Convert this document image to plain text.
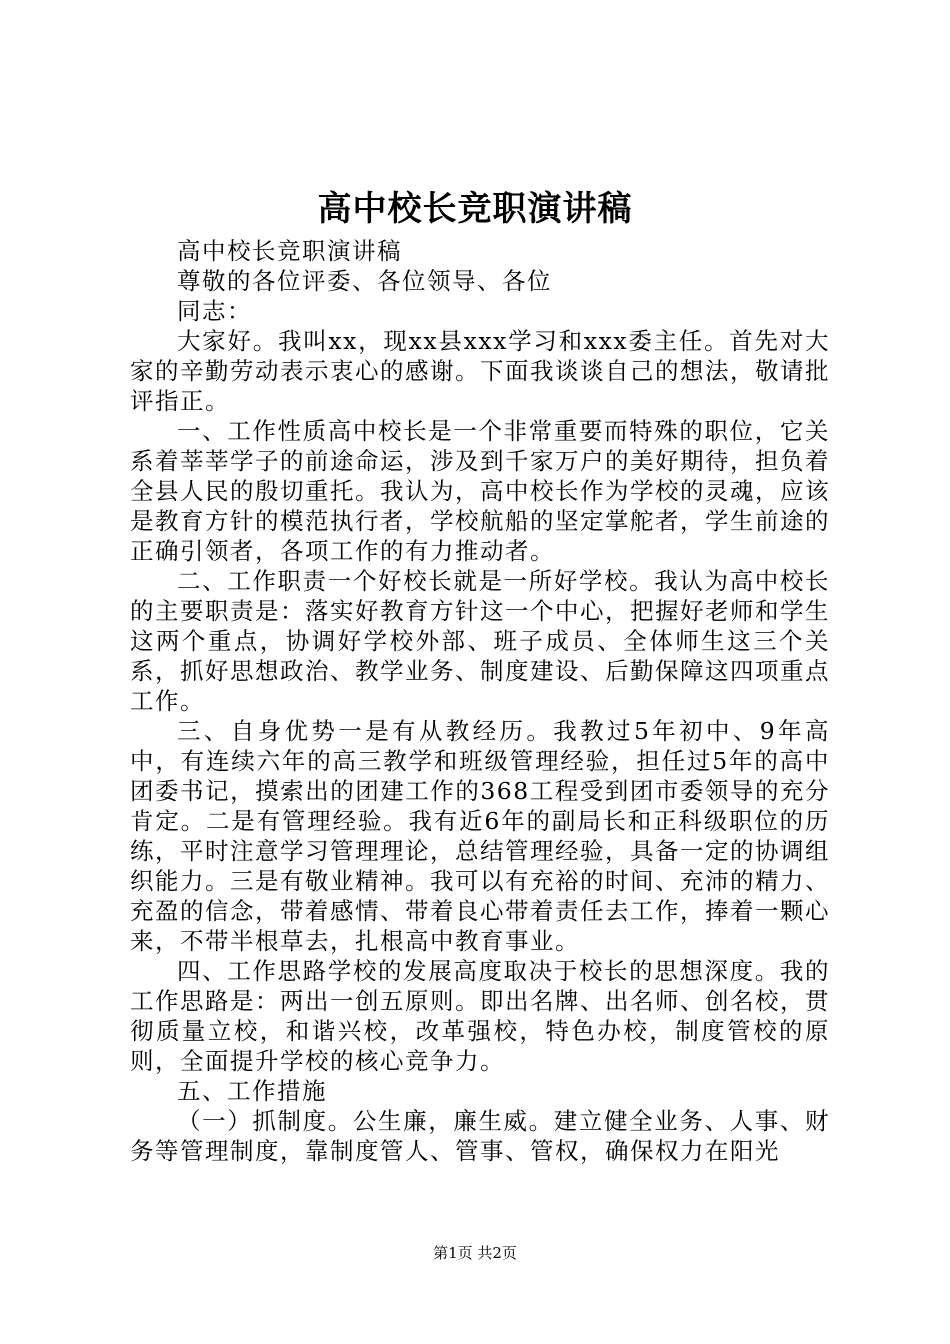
高中校长竞职演讲稿

高中校长竞职演讲稿

尊敬的各位评委、各位领导、各位

同志：

大家好。我叫xx，现xx县xxx学习和xxx委主任。首先对大家的辛勤劳动表示衷心的感谢。下面我谈谈自己的想法，敬请批评指正。

一、工作性质高中校长是一个非常重要而特殊的职位，它关系着莘莘学子的前途命运，涉及到千家万户的美好期待，担负着全县人民的殷切重托。我认为，高中校长作为学校的灵魂，应该是教育方针的模范执行者，学校航船的坚定掌舵者，学生前途的正确引领者，各项工作的有力推动者。

二、工作职责一个好校长就是一所好学校。我认为高中校长的主要职责是：落实好教育方针这一个中心，把握好老师和学生这两个重点，协调好学校外部、班子成员、全体师生这三个关系，抓好思想政治、教学业务、制度建设、后勤保障这四项重点工作。

三、自身优势一是有从教经历。我教过5年初中、9年高中，有连续六年的高三教学和班级管理经验，担任过5年的高中团委书记，摸索出的团建工作的368工程受到团市委领导的充分肯定。二是有管理经验。我有近6年的副局长和正科级职位的历练，平时注意学习管理理论，总结管理经验，具备一定的协调组织能力。三是有敬业精神。我可以有充裕的时间、充沛的精力、充盈的信念，带着感情、带着良心带着责任去工作，捧着一颗心来，不带半根草去，扎根高中教育事业。

四、工作思路学校的发展高度取决于校长的思想深度。我的工作思路是：两出一创五原则。即出名牌、出名师、创名校，贯彻质量立校，和谐兴校，改革强校，特色办校，制度管校的原则，全面提升学校的核心竞争力。

五、工作措施

（一）抓制度。公生廉，廉生威。建立健全业务、人事、财务等管理制度，靠制度管人、管事、管权，确保权力在阳光

第1页 共2页
